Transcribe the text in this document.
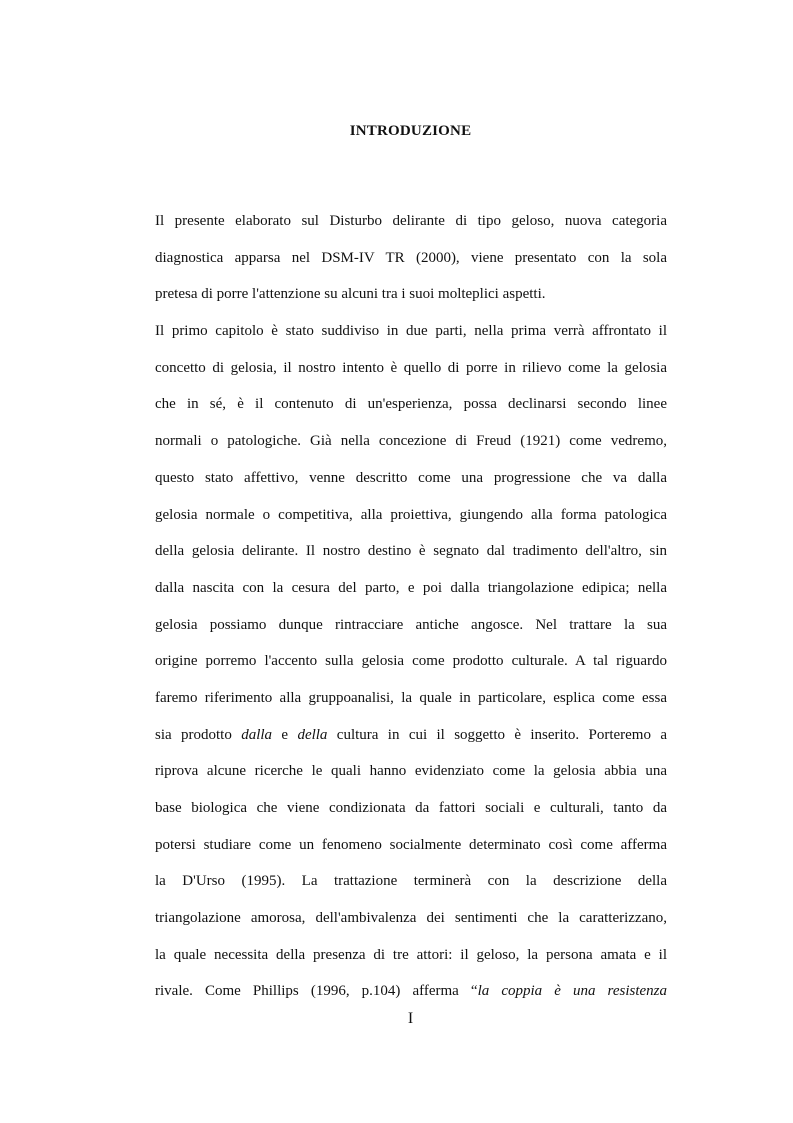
INTRODUZIONE
Il presente elaborato sul Disturbo delirante di tipo geloso, nuova categoria
diagnostica apparsa nel DSM-IV TR (2000), viene presentato con la sola
pretesa di porre l'attenzione su alcuni tra i suoi molteplici aspetti.
Il primo capitolo è stato suddiviso in due parti, nella prima verrà affrontato il
concetto di gelosia, il nostro intento è quello di porre in rilievo come la gelosia
che in sé, è il contenuto di un'esperienza, possa declinarsi secondo linee
normali o patologiche. Già nella concezione di Freud (1921) come vedremo,
questo stato affettivo, venne descritto come una progressione che va dalla
gelosia normale o competitiva, alla proiettiva, giungendo alla forma patologica
della gelosia delirante. Il nostro destino è segnato dal tradimento dell'altro, sin
dalla nascita con la cesura del parto, e poi dalla triangolazione edipica; nella
gelosia possiamo dunque rintracciare antiche angosce. Nel trattare la sua
origine porremo l'accento sulla gelosia come prodotto culturale. A tal riguardo
faremo riferimento alla gruppoanalisi, la quale in particolare, esplica come essa
sia prodotto dalla e della cultura in cui il soggetto è inserito. Porteremo a
riprova alcune ricerche le quali hanno evidenziato come la gelosia abbia una
base biologica che viene condizionata da fattori sociali e culturali, tanto da
potersi studiare come un fenomeno socialmente determinato così come afferma
la D'Urso (1995). La trattazione terminerà con la descrizione della
triangolazione amorosa, dell'ambivalenza dei sentimenti che la caratterizzano,
la quale necessita della presenza di tre attori: il geloso, la persona amata e il
rivale. Come Phillips (1996, p.104) afferma “la coppia è una resistenza
I
